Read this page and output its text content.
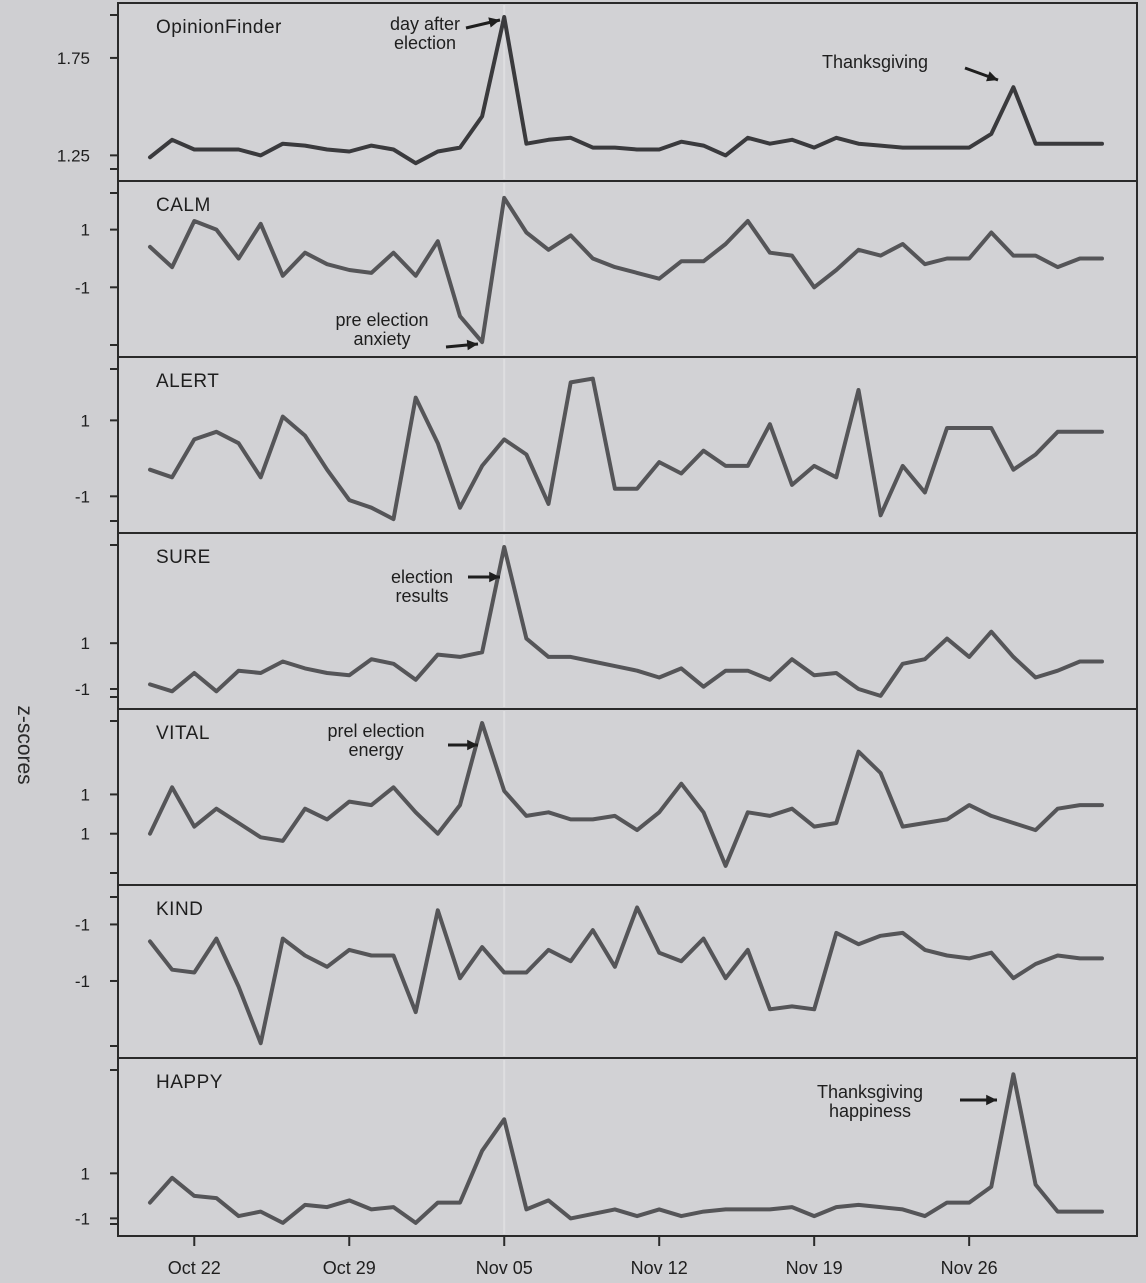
1.25
1.75
OpinionFinder	day after
election
Thanksgiving
1
-1
CALM
pre election
anxiety
1
-1
ALERT
1
-1
SURE
election
results
1
1
VITAL	prel election
energy
-1
-1
KIND
1
-1
HAPPY	Thanksgiving
happiness
Oct 22	Oct 29	Nov 05	Nov 12	Nov 19	Nov 26
z-scores
